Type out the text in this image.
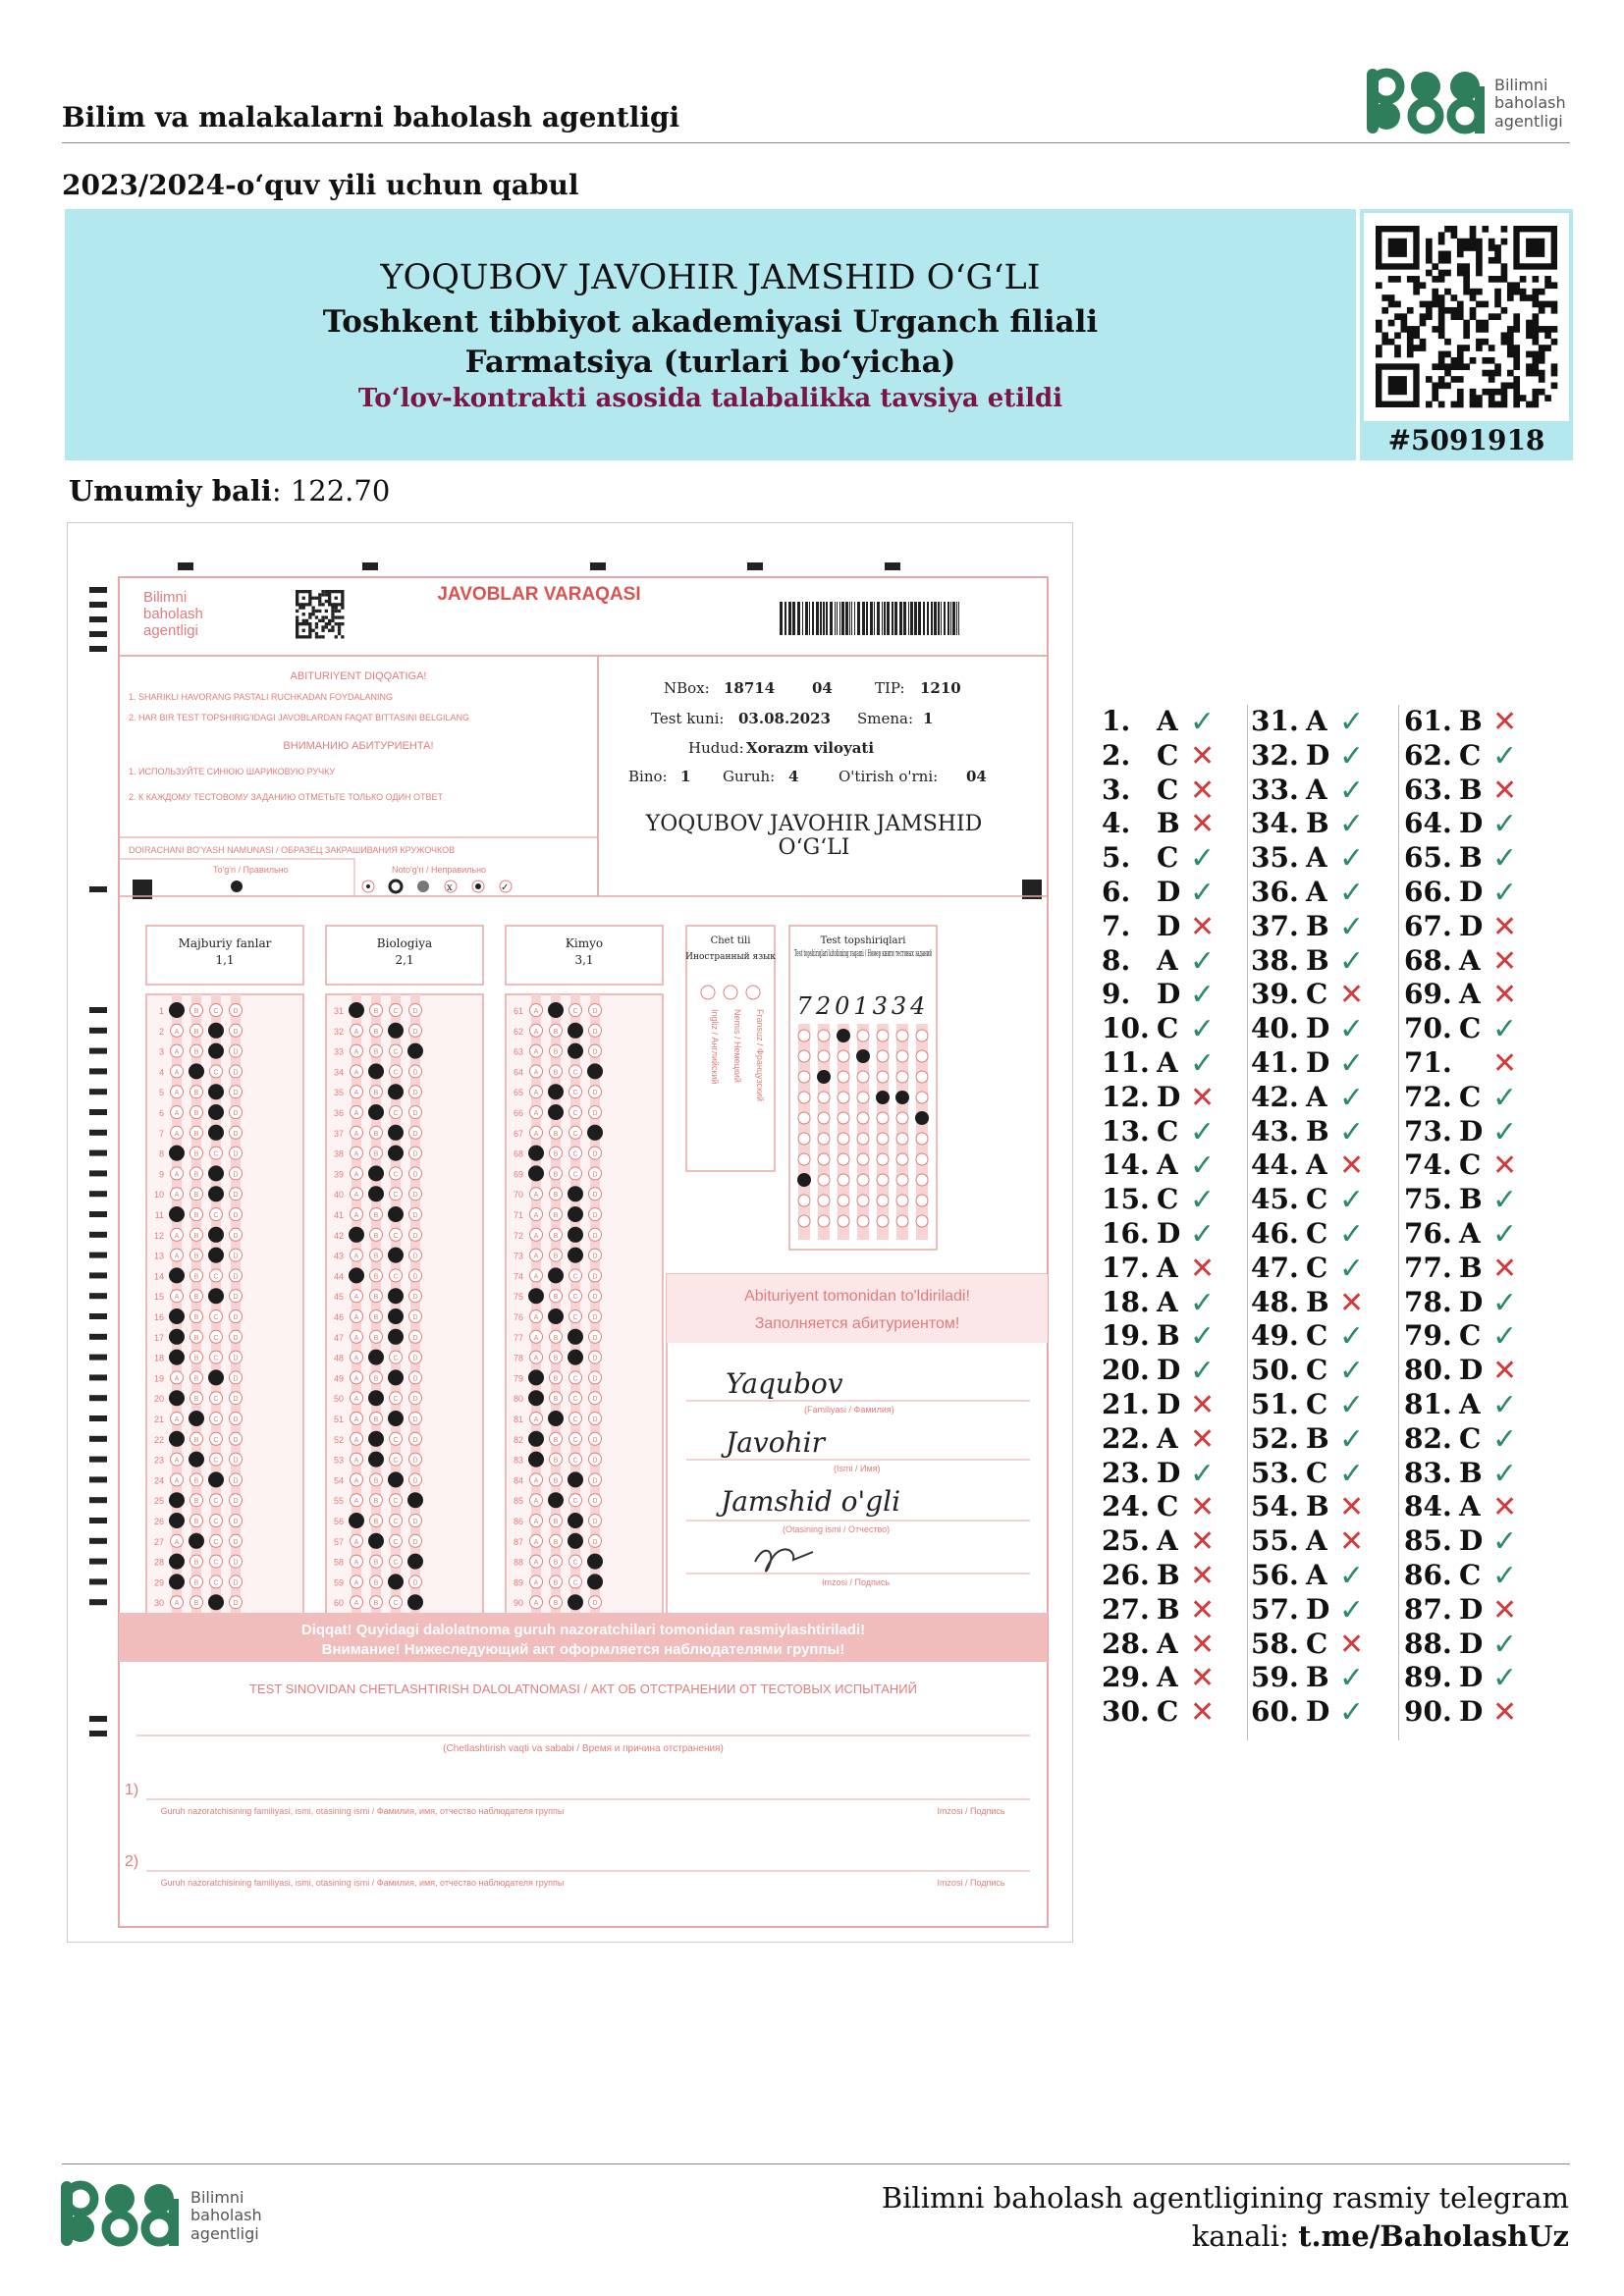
Bilim va malakalarni baholash agentligi
Bilimni
baholash
agentligi
2023/2024-o‘quv yili uchun qabul
YOQUBOV JAVOHIR JAMSHID O‘G‘LI
Toshkent tibbiyot akademiyasi Urganch filiali
Farmatsiya (turlari bo‘yicha)
To‘lov-kontrakti asosida talabalikka tavsiya etildi
#5091918
Umumiy bali: 122.70
Bilimni
baholash
agentligi
JAVOBLAR VARAQASI
ABITURIYENT DIQQATIGA!
1. SHARIKLI HAVORANG PASTALI RUCHKADAN FOYDALANING
2. HAR BIR TEST TOPSHIRIG'IDAGI JAVOBLARDAN FAQAT BITTASINI BELGILANG
ВНИМАНИЮ АБИТУРИЕНТА!
1. ИСПОЛЬЗУЙТЕ СИНЮЮ ШАРИКОВУЮ РУЧКУ
2. К КАЖДОМУ ТЕСТОВОМУ ЗАДАНИЮ ОТМЕТЬТЕ ТОЛЬКО ОДИН ОТВЕТ
DOIRACHANI BO'YASH NAMUNASI / ОБРАЗЕЦ ЗАКРАШИВАНИЯ КРУЖОЧКОВ
To'g'ri / Правильно	Noto'g'ri / Неправильно
x	✓
NBox: 18714	04	TIP: 1210
Test kuni: 03.08.2023 Smena: 1
Hudud: Xorazm viloyati
Bino: 1 Guruh: 4	O'tirish o'rni: 04
YOQUBOV JAVOHIR JAMSHID
O‘G‘LI
Majburiy fanlar
1,1
1	B C D
2 A B	D
3 A B	D
4 A	C D
5 A B	D
6 A B	D
7 A B	D
8	B C D
9 A B	D
10 A B	D
11	B C D
12 A B	D
13 A B	D
14	B C D
15 A B	D
16	B C D
17	B C D
18	B C D
19 A B	D
20	B C D
21 A	C D
22	B C D
23 A	C D
24 A B	D
25	B C D
26	B C D
27 A	C D
28	B C D
29	B C D
30 A B	D
Biologiya
2,1
31	B C D
32 A B	D
33 A B C
34 A	C D
35 A B	D
36 A	C D
37 A B	D
38 A B	D
39 A	C D
40 A	C D
41 A B	D
42	B C D
43 A B	D
44	B C D
45 A B	D
46 A B	D
47 A B	D
48 A	C D
49 A B	D
50 A	C D
51 A B	D
52 A	C D
53 A	C D
54 A B	D
55 A B C
56	B C D
57 A	C D
58 A B C
59 A B	D
60 A B C
Kimyo
3,1
61 A	C D
62 A B	D
63 A B	D
64 A B C
65 A	C D
66 A	C D
67 A B C
68	B C D
69	B C D
70 A B	D
71 A B	D
72 A B	D
73 A B	D
74 A	C D
75	B C D
76 A	C D
77 A B	D
78 A B	D
79	B C D
80	B C D
81 A	C D
82	B C D
83	B C D
84 A B	D
85 A	C D
86 A B	D
87 A B	D
88 A B C
89 A B C
90 A B	D
Chet tili
Иностранный язык
Ingliz / Английский Nemis / Немецкий Fransuz / Французский
Test topshiriqlari
Test topshiriqlari kitobining raqami / Номер книги тестовых заданий
7201334
Abituriyent tomonidan to'ldiriladi!
Заполняется абитуриентом!
Yaqubov
(Familiyasi / Фамилия)
Javohir
(Ismi / Имя)
Jamshid o'gli
(Otasining ismi / Отчество)
Imzosi / Подпись
Diqqat! Quyidagi dalolatnoma guruh nazoratchilari tomonidan rasmiylashtiriladi!
Внимание! Нижеследующий акт оформляется наблюдателями группы!
TEST SINOVIDAN CHETLASHTIRISH DALOLATNOMASI / АКТ ОБ ОТСТРАНЕНИИ ОТ ТЕСТОВЫХ ИСПЫТАНИЙ
(Chetlashtirish vaqti va sababi / Время и причина отстранения)
1)
Guruh nazoratchisining familiyasi, ismi, otasining ismi / Фамилия, имя, отчество наблюдателя группы	Imzosi / Подпись
2)
Guruh nazoratchisining familiyasi, ismi, otasining ismi / Фамилия, имя, отчество наблюдателя группы	Imzosi / Подпись
1. A ✓
2. C ✕
3. C ✕
4. B ✕
5. C ✓
6. D ✓
7. D ✕
8. A ✓
9. D ✓
10. C ✓
11. A ✓
12. D ✕
13. C ✓
14. A ✓
15. C ✓
16. D ✓
17. A ✕
18. A ✓
19. B ✓
20. D ✓
21. D ✕
22. A ✕
23. D ✓
24. C ✕
25. A ✕
26. B ✕
27. B ✕
28. A ✕
29. A ✕
30. C ✕
31. A ✓
32. D ✓
33. A ✓
34. B ✓
35. A ✓
36. A ✓
37. B ✓
38. B ✓
39. C ✕
40. D ✓
41. D ✓
42. A ✓
43. B ✓
44. A ✕
45. C ✓
46. C ✓
47. C ✓
48. B ✕
49. C ✓
50. C ✓
51. C ✓
52. B ✓
53. C ✓
54. B ✕
55. A ✕
56. A ✓
57. D ✓
58. C ✕
59. B ✓
60. D ✓
61. B ✕
62. C ✓
63. B ✕
64. D ✓
65. B ✓
66. D ✓
67. D ✕
68. A ✕
69. A ✕
70. C ✓
71. ✕
72. C ✓
73. D ✓
74. C ✕
75. B ✓
76. A ✓
77. B ✕
78. D ✓
79. C ✓
80. D ✕
81. A ✓
82. C ✓
83. B ✓
84. A ✕
85. D ✓
86. C ✓
87. D ✕
88. D ✓
89. D ✓
90. D ✕
Bilimni
baholash
agentligi
Bilimni baholash agentligining rasmiy telegram
kanali: t.me/BaholashUz
